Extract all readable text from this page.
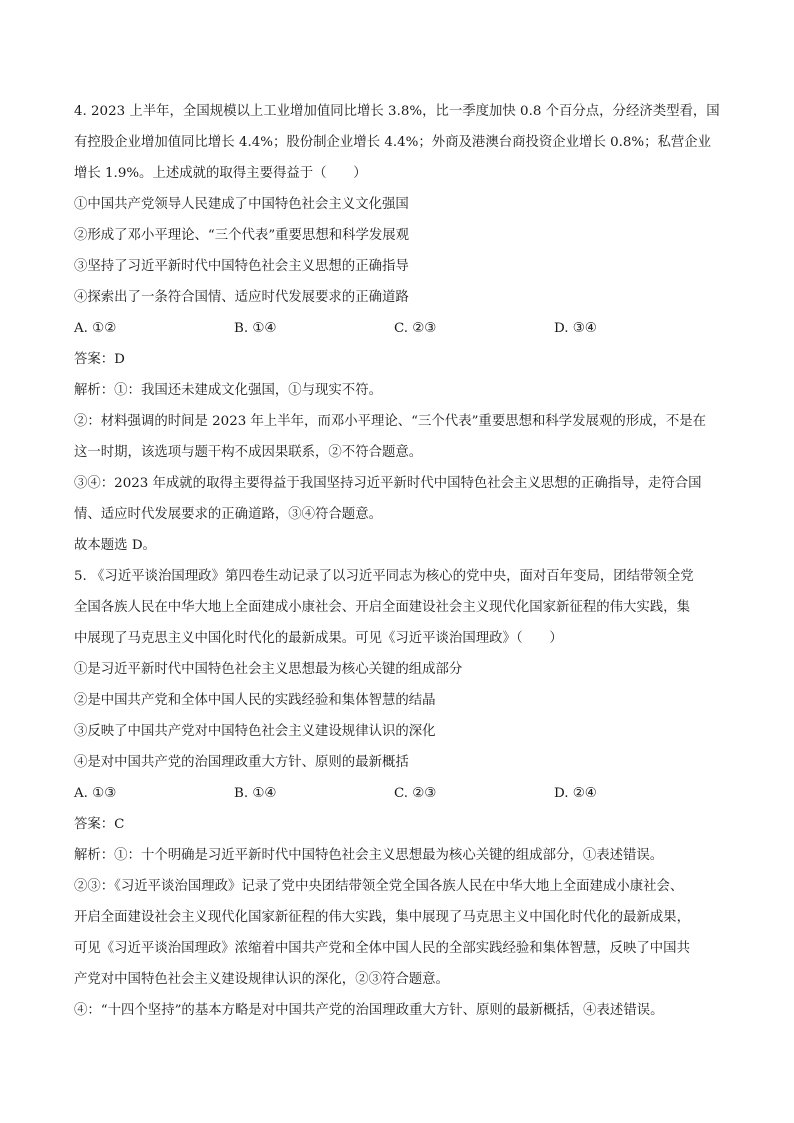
4. 2023 上半年，全国规模以上工业增加值同比增长 3.8%，比一季度加快 0.8 个百分点，分经济类型看，国

有控股企业增加值同比增长 4.4%；股份制企业增长 4.4%；外商及港澳台商投资企业增长 0.8%；私营企业

增长 1.9%。上述成就的取得主要得益于（　　）

①中国共产党领导人民建成了中国特色社会主义文化强国

②形成了邓小平理论、“三个代表”重要思想和科学发展观

③坚持了习近平新时代中国特色社会主义思想的正确指导

④探索出了一条符合国情、适应时代发展要求的正确道路

A. ①②	B. ①④	C. ②③	D. ③④

答案：D

解析：①：我国还未建成文化强国，①与现实不符。

②：材料强调的时间是 2023 年上半年，而邓小平理论、“三个代表”重要思想和科学发展观的形成，不是在

这一时期，该选项与题干构不成因果联系，②不符合题意。

③④：2023 年成就的取得主要得益于我国坚持习近平新时代中国特色社会主义思想的正确指导，走符合国

情、适应时代发展要求的正确道路，③④符合题意。

故本题选 D。

5. 《习近平谈治国理政》第四卷生动记录了以习近平同志为核心的党中央，面对百年变局，团结带领全党

全国各族人民在中华大地上全面建成小康社会、开启全面建设社会主义现代化国家新征程的伟大实践，集

中展现了马克思主义中国化时代化的最新成果。可见《习近平谈治国理政》（　　）

①是习近平新时代中国特色社会主义思想最为核心关键的组成部分

②是中国共产党和全体中国人民的实践经验和集体智慧的结晶

③反映了中国共产党对中国特色社会主义建设规律认识的深化

④是对中国共产党的治国理政重大方针、原则的最新概括

A. ①③	B. ①④	C. ②③	D. ②④

答案：C

解析：①：十个明确是习近平新时代中国特色社会主义思想最为核心关键的组成部分，①表述错误。

②③：《习近平谈治国理政》记录了党中央团结带领全党全国各族人民在中华大地上全面建成小康社会、

开启全面建设社会主义现代化国家新征程的伟大实践，集中展现了马克思主义中国化时代化的最新成果，

可见《习近平谈治国理政》浓缩着中国共产党和全体中国人民的全部实践经验和集体智慧，反映了中国共

产党对中国特色社会主义建设规律认识的深化，②③符合题意。

④：“十四个坚持”的基本方略是对中国共产党的治国理政重大方针、原则的最新概括，④表述错误。
